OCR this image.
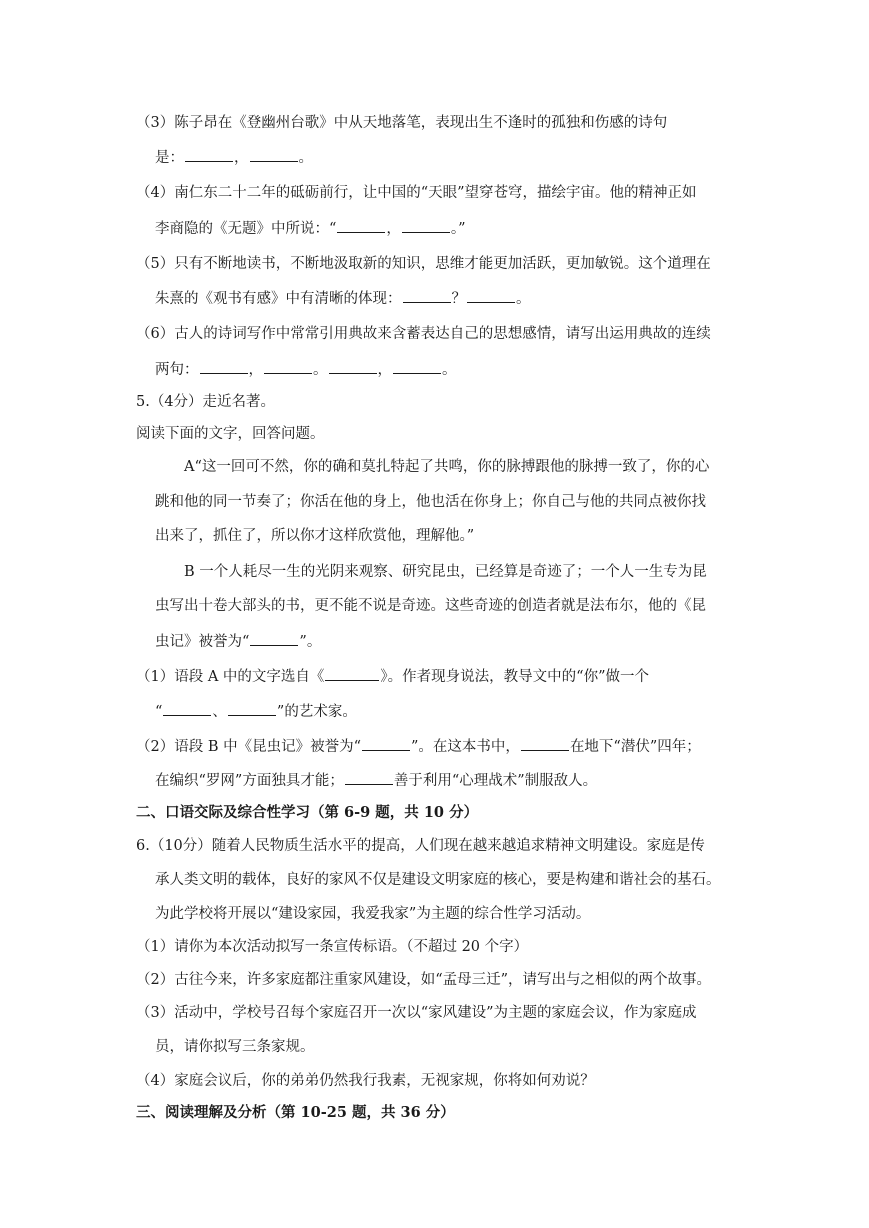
（3）陈子昂在《登幽州台歌》中从天地落笔，表现出生不逢时的孤独和伤感的诗句
是：	，	。
（4）南仁东二十二年的砥砺前行，让中国的“天眼”望穿苍穹，描绘宇宙。他的精神正如
李商隐的《无题》中所说：“	，	。”
（5）只有不断地读书，不断地汲取新的知识，思维才能更加活跃，更加敏锐。这个道理在
朱熹的《观书有感》中有清晰的体现：	？	。
（6）古人的诗词写作中常常引用典故来含蓄表达自己的思想感情，请写出运用典故的连续
两句：	，	。	，	。
5.（4分）走近名著。
阅读下面的文字，回答问题。
A“这一回可不然，你的确和莫扎特起了共鸣，你的脉搏跟他的脉搏一致了，你的心
跳和他的同一节奏了；你活在他的身上，他也活在你身上；你自己与他的共同点被你找
出来了，抓住了，所以你才这样欣赏他，理解他。”
B 一个人耗尽一生的光阴来观察、研究昆虫，已经算是奇迹了；一个人一生专为昆
虫写出十卷大部头的书，更不能不说是奇迹。这些奇迹的创造者就是法布尔，他的《昆
虫记》被誉为“	”。
（1）语段 A 中的文字选自《	》。作者现身说法，教导文中的“你”做一个
“	、	”的艺术家。
（2）语段 B 中《昆虫记》被誉为“	”。在这本书中，	在地下“潜伏”四年；
在编织“罗网”方面独具才能；	善于利用“心理战术”制服敌人。
二、口语交际及综合性学习（第 6-9 题，共 10 分）
6.（10分）随着人民物质生活水平的提高，人们现在越来越追求精神文明建设。家庭是传
承人类文明的载体，良好的家风不仅是建设文明家庭的核心，要是构建和谐社会的基石。
为此学校将开展以“建设家园，我爱我家”为主题的综合性学习活动。
（1）请你为本次活动拟写一条宣传标语。（不超过 20 个字）
（2）古往今来，许多家庭都注重家风建设，如“孟母三迁”，请写出与之相似的两个故事。
（3）活动中，学校号召每个家庭召开一次以“家风建设”为主题的家庭会议，作为家庭成
员，请你拟写三条家规。
（4）家庭会议后，你的弟弟仍然我行我素，无视家规，你将如何劝说？
三、阅读理解及分析（第 10-25 题，共 36 分）
